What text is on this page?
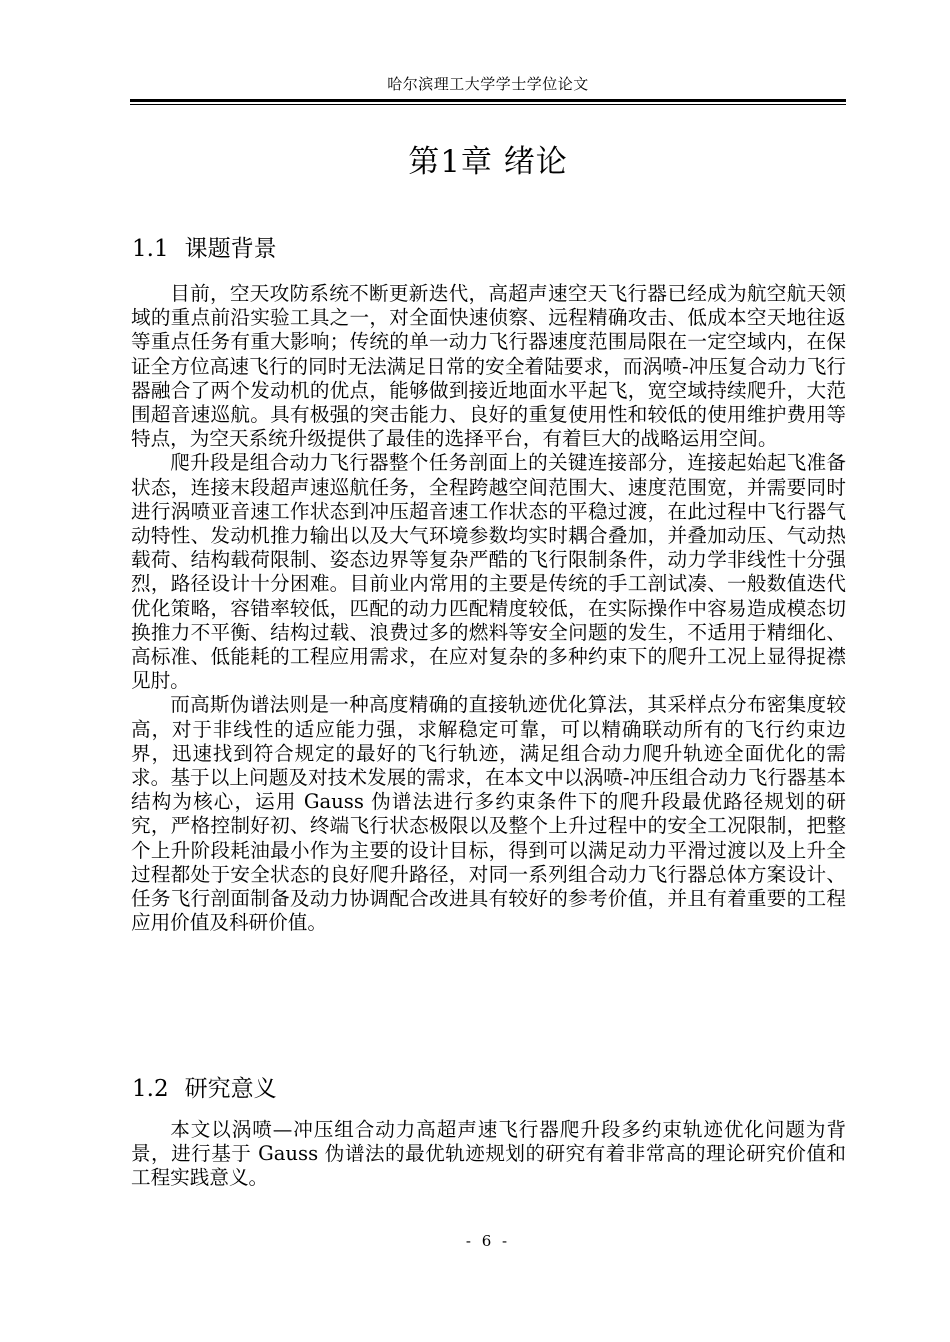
哈尔滨理工大学学士学位论文
第1章 绪论
1.1 课题背景

目前，空天攻防系统不断更新迭代，高超声速空天飞行器已经成为航空航天领域的重点前沿实验工具之一，对全面快速侦察、远程精确攻击、低成本空天地往返等重点任务有重大影响；传统的单一动力飞行器速度范围局限在一定空域内，在保证全方位高速飞行的同时无法满足日常的安全着陆要求，而涡喷-冲压复合动力飞行器融合了两个发动机的优点，能够做到接近地面水平起飞，宽空域持续爬升，大范围超音速巡航。具有极强的突击能力、良好的重复使用性和较低的使用维护费用等特点，为空天系统升级提供了最佳的选择平台，有着巨大的战略运用空间。

爬升段是组合动力飞行器整个任务剖面上的关键连接部分，连接起始起飞准备状态，连接末段超声速巡航任务，全程跨越空间范围大、速度范围宽，并需要同时进行涡喷亚音速工作状态到冲压超音速工作状态的平稳过渡，在此过程中飞行器气动特性、发动机推力输出以及大气环境参数均实时耦合叠加，并叠加动压、气动热载荷、结构载荷限制、姿态边界等复杂严酷的飞行限制条件，动力学非线性十分强烈，路径设计十分困难。目前业内常用的主要是传统的手工剖试凑、一般数值迭代优化策略，容错率较低，匹配的动力匹配精度较低，在实际操作中容易造成模态切换推力不平衡、结构过载、浪费过多的燃料等安全问题的发生，不适用于精细化、高标准、低能耗的工程应用需求，在应对复杂的多种约束下的爬升工况上显得捉襟见肘。

而高斯伪谱法则是一种高度精确的直接轨迹优化算法，其采样点分布密集度较高，对于非线性的适应能力强，求解稳定可靠，可以精确联动所有的飞行约束边界，迅速找到符合规定的最好的飞行轨迹，满足组合动力爬升轨迹全面优化的需求。基于以上问题及对技术发展的需求，在本文中以涡喷-冲压组合动力飞行器基本结构为核心，运用 Gauss 伪谱法进行多约束条件下的爬升段最优路径规划的研究，严格控制好初、终端飞行状态极限以及整个上升过程中的安全工况限制，把整个上升阶段耗油最小作为主要的设计目标，得到可以满足动力平滑过渡以及上升全过程都处于安全状态的良好爬升路径，对同一系列组合动力飞行器总体方案设计、任务飞行剖面制备及动力协调配合改进具有较好的参考价值，并且有着重要的工程应用价值及科研价值。

1.2 研究意义

本文以涡喷—冲压组合动力高超声速飞行器爬升段多约束轨迹优化问题为背景，进行基于 Gauss 伪谱法的最优轨迹规划的研究有着非常高的理论研究价值和工程实践意义。

- 6 -
